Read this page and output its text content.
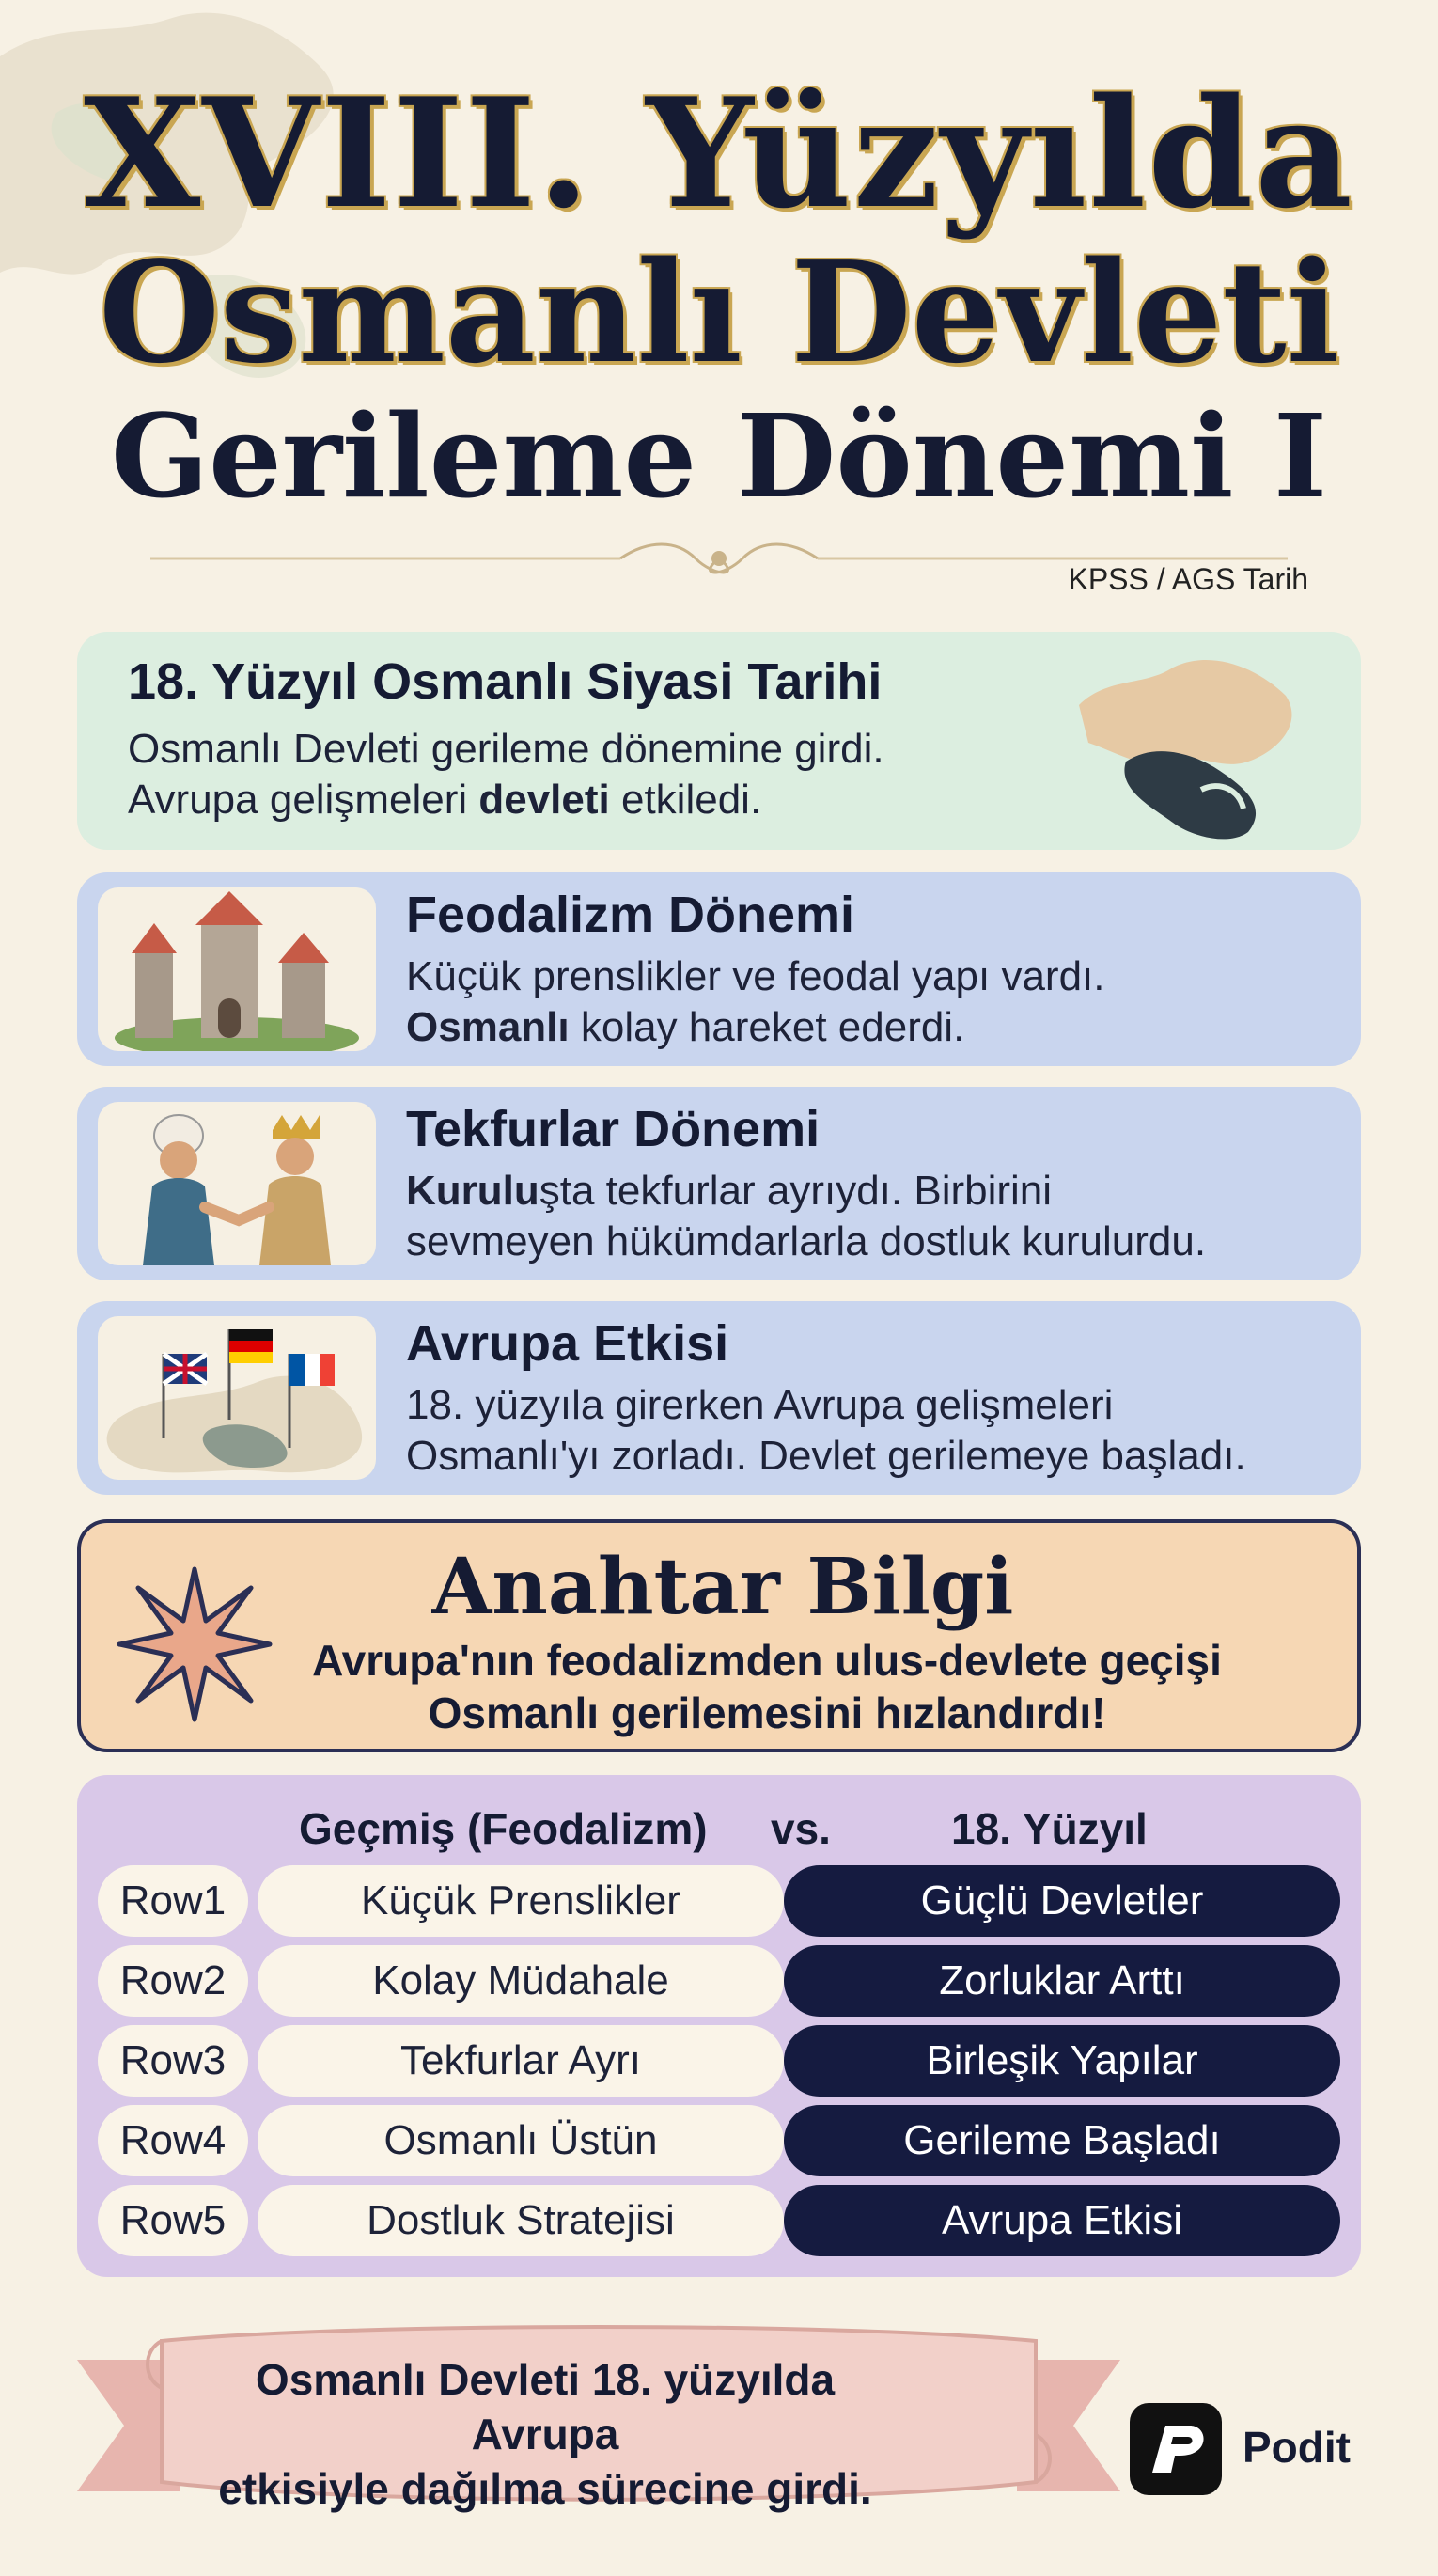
XVIII. Yüzyılda
Osmanlı Devleti
Gerileme Dönemi I
KPSS / AGS Tarih
18. Yüzyıl Osmanlı Siyasi Tarihi
Osmanlı Devleti gerileme dönemine girdi.
Avrupa gelişmeleri devleti etkiledi.
Feodalizm Dönemi
Küçük prenslikler ve feodal yapı vardı.
Osmanlı kolay hareket ederdi.
Tekfurlar Dönemi
Kuruluşta tekfurlar ayrıydı. Birbirini
sevmeyen hükümdarlarla dostluk kurulurdu.
Avrupa Etkisi
18. yüzyıla girerken Avrupa gelişmeleri
Osmanlı'yı zorladı. Devlet gerilemeye başladı.
Anahtar Bilgi
Avrupa'nın feodalizmden ulus-devlete geçişi
Osmanlı gerilemesini hızlandırdı!
Geçmiş (Feodalizm) vs.	18. Yüzyıl
Row1	Küçük Prenslikler	Güçlü Devletler
Row2	Kolay Müdahale	Zorluklar Arttı
Row3	Tekfurlar Ayrı	Birleşik Yapılar
Row4	Osmanlı Üstün	Gerileme Başladı
Row5	Dostluk Stratejisi	Avrupa Etkisi
Osmanlı Devleti 18. yüzyılda Avrupa
etkisiyle dağılma sürecine girdi.
Podit
